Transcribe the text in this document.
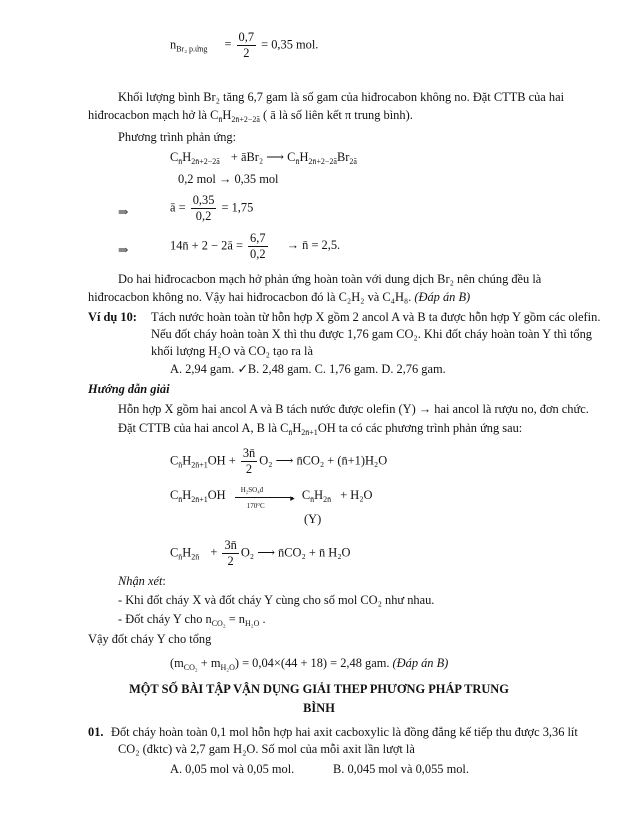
$n_{Br_2 p.ứng} = \frac{0,7}{2} = 0,35$ mol.
Khối lượng bình Br₂ tăng 6,7 gam là số gam của hiđrocabon không no. Đặt CTTB của hai
hiđrocacbon mạch hở là $C_{n̄}H_{2n̄+2-2ā}$ ( ā là số liên kết π trung bình).
Phương trình phản ứng:
$C_{n̄}H_{2n̄+2-2ā}$ + āBr₂ ⟶ $C_{n̄}H_{2n̄+2-2ā}Br_{2ā}$
0,2 mol → 0,35 mol
⇒	ā = $\frac{0,35}{0,2} = 1,75$
⇒	14n̄ + 2 − 2ā = $\frac{6,7}{0,2}$ → n̄ = 2,5.
Do hai hiđrocacbon mạch hở phản ứng hoàn toàn với dung dịch Br₂ nên chúng đều là
hiđrocacbon không no. Vậy hai hiđrocacbon đó là C₂H₂ và C₄H₈. (Đáp án B)
Ví dụ 10: Tách nước hoàn toàn từ hỗn hợp X gồm 2 ancol A và B ta được hỗn hợp Y gồm các olefin.
Nếu đốt cháy hoàn toàn X thì thu được 1,76 gam CO₂. Khi đốt cháy hoàn toàn Y thì tổng
khối lượng H₂O và CO₂ tạo ra là
A. 2,94 gam. ✓B. 2,48 gam. C. 1,76 gam. D. 2,76 gam.
Hướng dẫn giải
Hỗn hợp X gồm hai ancol A và B tách nước được olefin (Y) → hai ancol là rượu no, đơn chức.
Đặt CTTB của hai ancol A, B là $C_{n̄}H_{2n̄+1}OH$ ta có các phương trình phản ứng sau:
$C_{n̄}H_{2n̄+1}OH + \frac{3n̄}{2} O_2$ ⟶ n̄CO₂ + (n̄+1)H₂O
$C_{n̄}H_{2n̄+1}OH$ H₂SO₄đ
▸
170°C
$C_{n̄}H_{2n̄} + H_2O$
(Y)
$C_{n̄}H_{2n̄} + \frac{3n̄}{2} O_2$ ⟶ n̄CO₂ + n̄ H₂O
Nhận xét:
- Khi đốt cháy X và đốt cháy Y cùng cho số mol CO₂ như nhau.
- Đốt cháy Y cho $n_{CO_2} = n_{H_2O}$ .
Vậy đốt cháy Y cho tổng
$(m_{CO_2} + m_{H_2O}) = 0,04\times(44 + 18) = 2,48$ gam. (Đáp án B)
MỘT SỐ BÀI TẬP VẬN DỤNG GIẢI THEP PHƯƠNG PHÁP TRUNG
BÌNH
01. Đốt cháy hoàn toàn 0,1 mol hỗn hợp hai axit cacboxylic là đồng đẳng kế tiếp thu được 3,36 lít
CO₂ (đktc) và 2,7 gam H₂O. Số mol của mỗi axit lần lượt là
A. 0,05 mol và 0,05 mol.	B. 0,045 mol và 0,055 mol.
